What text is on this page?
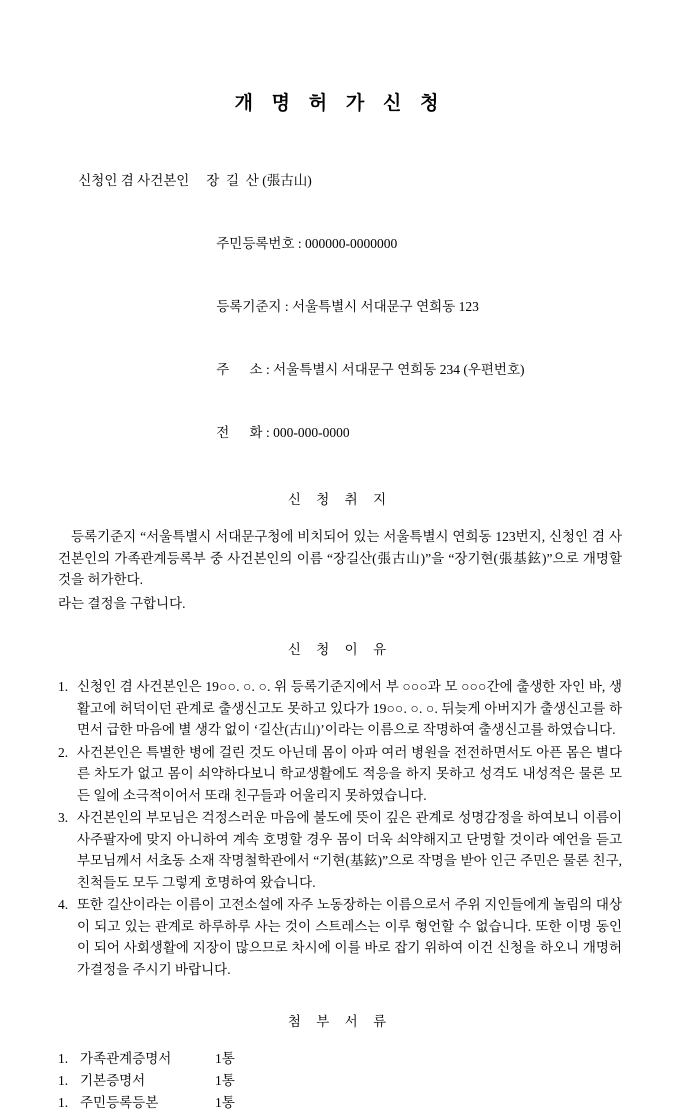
개 명 허 가 신 청

신청인 겸 사건본인 장  길  산 (張古山)

주민등록번호 : 000000-0000000

등록기준지 : 서울특별시 서대문구 연희동 123

주      소 : 서울특별시 서대문구 연희동 234 (우편번호)

전      화 : 000-000-0000

신 청 취 지

등록기준지 “서울특별시 서대문구청에 비치되어 있는 서울특별시 연희동 123번지, 신청인 겸 사건본인의 가족관계등록부 중 사건본인의 이름 “장길산(張古山)”을 “장기현(張基鉉)”으로 개명할 것을 허가한다.

라는 결정을 구합니다.

신 청 이 유
1. 신청인 겸 사건본인은 19○○. ○. ○. 위 등록기준지에서 부 ○○○과 모 ○○○간에 출생한 자인 바, 생활고에 허덕이던 관계로 출생신고도 못하고 있다가 19○○. ○. ○. 뒤늦게 아버지가 출생신고를 하면서 급한 마음에 별 생각 없이 ‘길산(古山)’이라는 이름으로 작명하여 출생신고를 하였습니다.
2. 사건본인은 특별한 병에 걸린 것도 아닌데 몸이 아파 여러 병원을 전전하면서도 아픈 몸은 별다른 차도가 없고 몸이 쇠약하다보니 학교생활에도 적응을 하지 못하고 성격도 내성적은 물론 모든 일에 소극적이어서 또래 친구들과 어울리지 못하였습니다.
3. 사건본인의 부모님은 걱정스러운 마음에 불도에 뜻이 깊은 관계로 성명감정을 하여보니 이름이 사주팔자에 맞지 아니하여 계속 호명할 경우 몸이 더욱 쇠약해지고 단명할 것이라 예언을 듣고 부모님께서 서초동 소재 작명철학관에서 “기현(基鉉)”으로 작명을 받아 인근 주민은 물론 친구, 친척들도 모두 그렇게 호명하여 왔습니다.
4. 또한 길산이라는 이름이 고전소설에 자주 노동장하는 이름으로서 주위 지인들에게 놀림의 대상이 되고 있는 관계로 하루하루 사는 것이 스트레스는 이루 형언할 수 없습니다. 또한 이명 동인이 되어 사회생활에 지장이 많으므로 차시에 이를 바로 잡기 위하여 이건 신청을 하오니 개명허가결정을 주시기 바랍니다.
첨 부 서 류
1. 가족관계증명서	1통
1. 기본증명서	1통
1. 주민등록등본	1통
